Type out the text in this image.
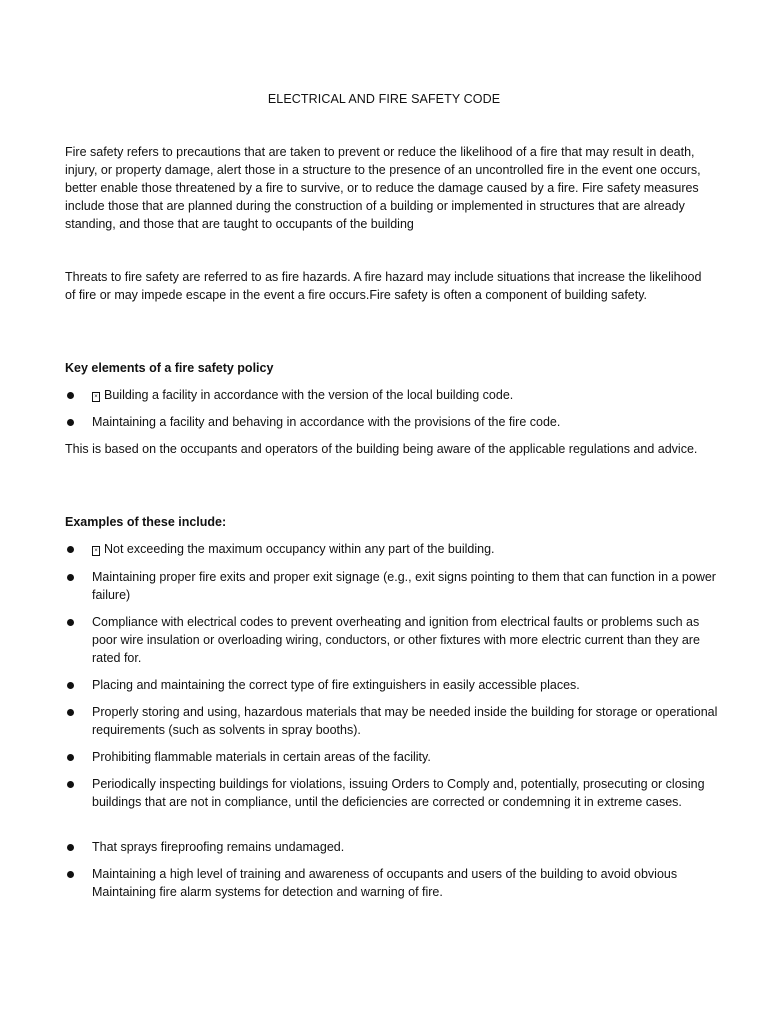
ELECTRICAL AND FIRE SAFETY CODE
Fire safety refers to precautions that are taken to prevent or reduce the likelihood of a fire that may result in death, injury, or property damage, alert those in a structure to the presence of an uncontrolled fire in the event one occurs, better enable those threatened by a fire to survive, or to reduce the damage caused by a fire. Fire safety measures include those that are planned during the construction of a building or implemented in structures that are already standing, and those that are taught to occupants of the building
Threats to fire safety are referred to as fire hazards. A fire hazard may include situations that increase the likelihood of fire or may impede escape in the event a fire occurs.Fire safety is often a component of building safety.
Key elements of a fire safety policy
× Building a facility in accordance with the version of the local building code.
Maintaining a facility and behaving in accordance with the provisions of the fire code.
This is based on the occupants and operators of the building being aware of the applicable regulations and advice.
Examples of these include:
× Not exceeding the maximum occupancy within any part of the building.
Maintaining proper fire exits and proper exit signage (e.g., exit signs pointing to them that can function in a power failure)
Compliance with electrical codes to prevent overheating and ignition from electrical faults or problems such as poor wire insulation or overloading wiring, conductors, or other fixtures with more electric current than they are rated for.
Placing and maintaining the correct type of fire extinguishers in easily accessible places.
Properly storing and using, hazardous materials that may be needed inside the building for storage or operational requirements (such as solvents in spray booths).
Prohibiting flammable materials in certain areas of the facility.
Periodically inspecting buildings for violations, issuing Orders to Comply and, potentially, prosecuting or closing buildings that are not in compliance, until the deficiencies are corrected or condemning it in extreme cases.
That sprays fireproofing remains undamaged.
Maintaining a high level of training and awareness of occupants and users of the building to avoid obvious Maintaining fire alarm systems for detection and warning of fire.
